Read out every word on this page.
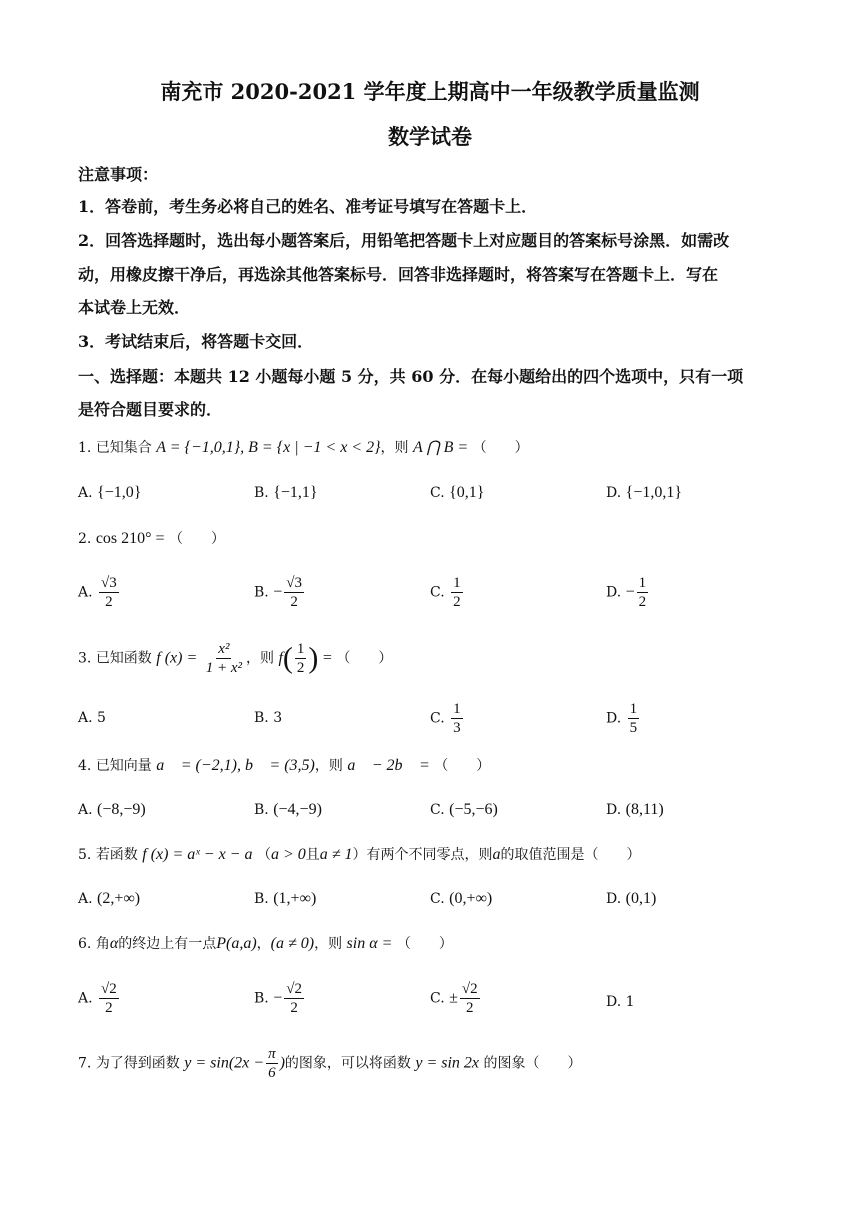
南充市 2020-2021 学年度上期高中一年级教学质量监测
数学试卷
注意事项：
1．答卷前，考生务必将自己的姓名、准考证号填写在答题卡上．
2．回答选择题时，选出每小题答案后，用铅笔把答题卡上对应题目的答案标号涂黑．如需改
动，用橡皮擦干净后，再选涂其他答案标号．回答非选择题时，将答案写在答题卡上．写在
本试卷上无效．
3．考试结束后，将答题卡交回．
一、选择题：本题共 12 小题每小题 5 分，共 60 分．在每小题给出的四个选项中，只有一项
是符合题目要求的．
1. 已知集合 A = {−1,0,1}, B = {x | −1 < x < 2}，则 A ⋂ B = （　　）
A. {−1,0}	B. {−1,1}	C. {0,1}	D. {−1,0,1}
2. cos 210° = （　　）
A. $\frac{√3}{2}$	B. − $\frac{√3}{2}$	C. $\frac{1}{2}$	D. − $\frac{1}{2}$
3. 已知函数 f $(x) = \frac{\text{x²}}{\text{1 + x²}}$ ，则 $f( \frac{1}{2}$ ) = （　　）
A. 5	B. 3	C. $\frac{1}{3}$	D. $\frac{1}{5}$
4. 已知向量 a⃗ = (−2,1), b⃗ = (3,5)，则 a⃗ − 2b⃗ = （　　）
A. (−8,−9)	B. (−4,−9)	C. (−5,−6)	D. (8,11)
5. 若函数 f (x) = aˣ − x − a （a > 0且a ≠ 1）有两个不同零点，则a的取值范围是（　　）
A. (2,+∞)	B. (1,+∞)	C. (0,+∞)	D. (0,1)
6. 角α的终边上有一点P(a,a)，(a ≠ 0)，则 sin α = （　　）
A. $\frac{√2}{2}$	B. − $\frac{√2}{2}$	C. ± $\frac{√2}{2}$	D. 1
7. 为了得到函数 $y = \sin(2x - \frac{\pi}{6}$ )的图象，可以将函数 y = sin 2x 的图象（　　）
